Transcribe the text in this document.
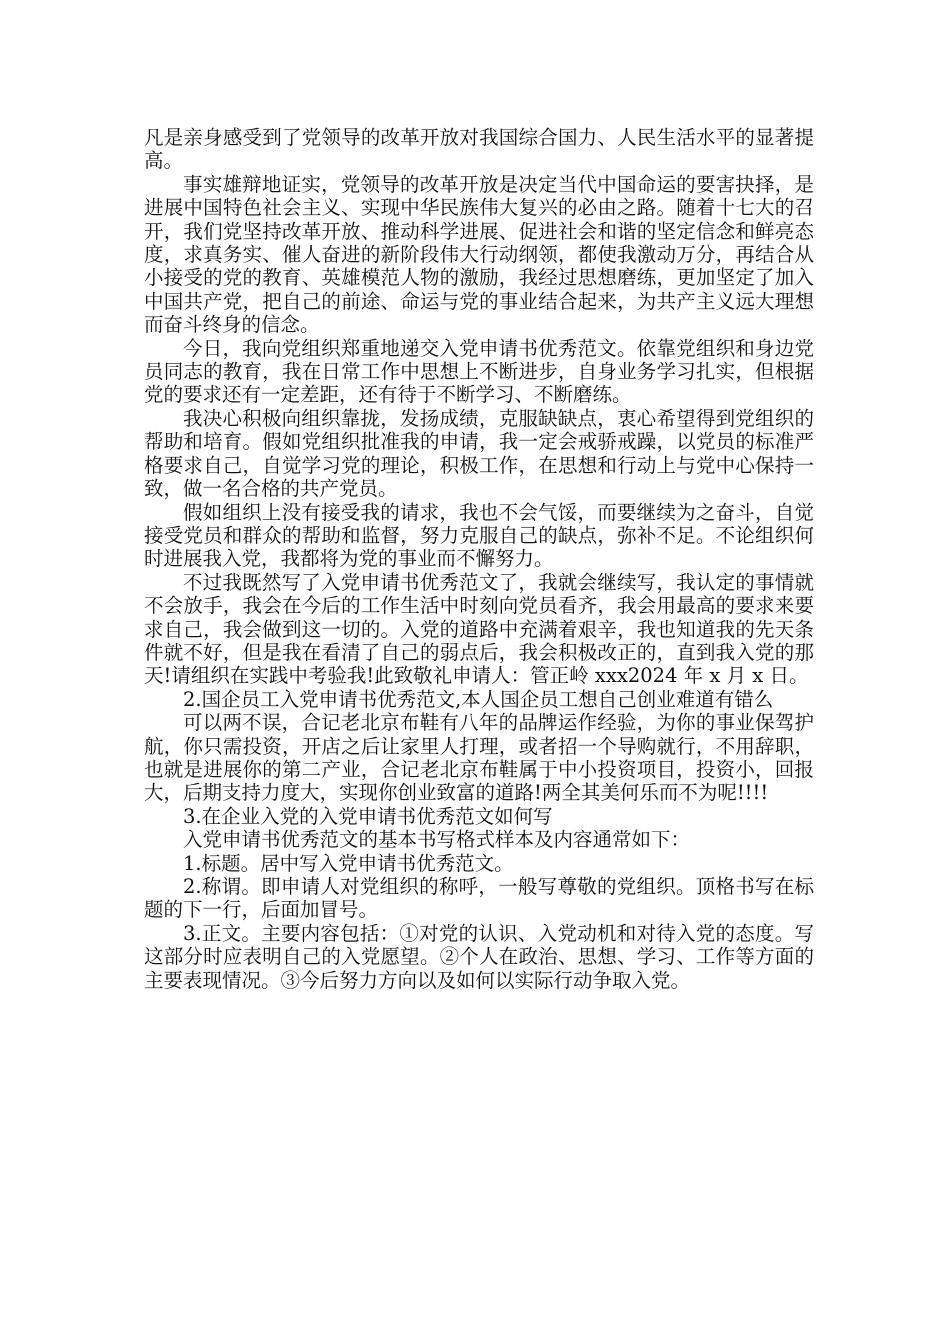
凡是亲身感受到了党领导的改革开放对我国综合国力、人民生活水平的显著提高。

事实雄辩地证实，党领导的改革开放是决定当代中国命运的要害抉择，是进展中国特色社会主义、实现中华民族伟大复兴的必由之路。随着十七大的召开，我们党坚持改革开放、推动科学进展、促进社会和谐的坚定信念和鲜亮态度，求真务实、催人奋进的新阶段伟大行动纲领，都使我激动万分，再结合从小接受的党的教育、英雄模范人物的激励，我经过思想磨练，更加坚定了加入中国共产党，把自己的前途、命运与党的事业结合起来，为共产主义远大理想而奋斗终身的信念。

今日，我向党组织郑重地递交入党申请书优秀范文。依靠党组织和身边党员同志的教育，我在日常工作中思想上不断进步，自身业务学习扎实，但根据党的要求还有一定差距，还有待于不断学习、不断磨练。

我决心积极向组织靠拢，发扬成绩，克服缺缺点，衷心希望得到党组织的帮助和培育。假如党组织批准我的申请，我一定会戒骄戒躁，以党员的标准严格要求自己，自觉学习党的理论，积极工作，在思想和行动上与党中心保持一致，做一名合格的共产党员。

假如组织上没有接受我的请求，我也不会气馁，而要继续为之奋斗，自觉接受党员和群众的帮助和监督，努力克服自己的缺点，弥补不足。不论组织何时进展我入党，我都将为党的事业而不懈努力。

不过我既然写了入党申请书优秀范文了，我就会继续写，我认定的事情就不会放手，我会在今后的工作生活中时刻向党员看齐，我会用最高的要求来要求自己，我会做到这一切的。入党的道路中充满着艰辛，我也知道我的先天条件就不好，但是我在看清了自己的弱点后，我会积极改正的，直到我入党的那天!请组织在实践中考验我!此致敬礼申请人：管正岭 xxx2024 年 x 月 x 日。

2.国企员工入党申请书优秀范文,本人国企员工想自己创业难道有错么

可以两不误，合记老北京布鞋有八年的品牌运作经验，为你的事业保驾护航，你只需投资，开店之后让家里人打理，或者招一个导购就行，不用辞职，也就是进展你的第二产业，合记老北京布鞋属于中小投资项目，投资小，回报大，后期支持力度大，实现你创业致富的道路!两全其美何乐而不为呢!!!!

3.在企业入党的入党申请书优秀范文如何写

入党申请书优秀范文的基本书写格式样本及内容通常如下：

1.标题。居中写入党申请书优秀范文。

2.称谓。即申请人对党组织的称呼，一般写尊敬的党组织。顶格书写在标题的下一行，后面加冒号。

3.正文。主要内容包括：①对党的认识、入党动机和对待入党的态度。写这部分时应表明自己的入党愿望。②个人在政治、思想、学习、工作等方面的主要表现情况。③今后努力方向以及如何以实际行动争取入党。
